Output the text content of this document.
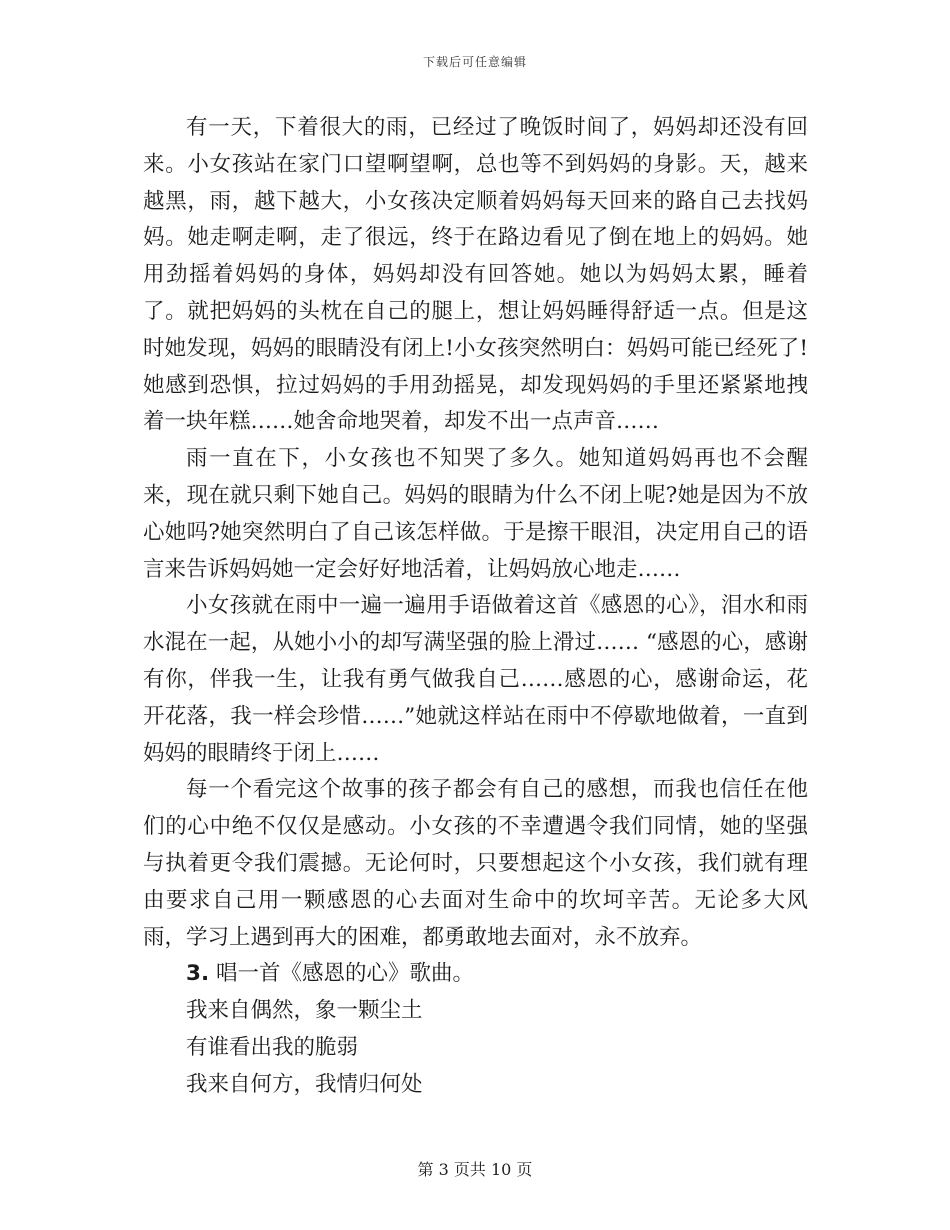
下载后可任意编辑

有一天，下着很大的雨，已经过了晚饭时间了，妈妈却还没有回来。小女孩站在家门口望啊望啊，总也等不到妈妈的身影。天，越来越黑，雨，越下越大，小女孩决定顺着妈妈每天回来的路自己去找妈妈。她走啊走啊，走了很远，终于在路边看见了倒在地上的妈妈。她用劲摇着妈妈的身体，妈妈却没有回答她。她以为妈妈太累，睡着了。就把妈妈的头枕在自己的腿上，想让妈妈睡得舒适一点。但是这时她发现，妈妈的眼睛没有闭上!小女孩突然明白：妈妈可能已经死了!她感到恐惧，拉过妈妈的手用劲摇晃，却发现妈妈的手里还紧紧地拽着一块年糕……她舍命地哭着，却发不出一点声音……

雨一直在下，小女孩也不知哭了多久。她知道妈妈再也不会醒来，现在就只剩下她自己。妈妈的眼睛为什么不闭上呢?她是因为不放心她吗?她突然明白了自己该怎样做。于是擦干眼泪，决定用自己的语言来告诉妈妈她一定会好好地活着，让妈妈放心地走……

小女孩就在雨中一遍一遍用手语做着这首《感恩的心》，泪水和雨水混在一起，从她小小的却写满坚强的脸上滑过…… “感恩的心，感谢有你，伴我一生，让我有勇气做我自己……感恩的心，感谢命运，花开花落，我一样会珍惜……”她就这样站在雨中不停歇地做着，一直到妈妈的眼睛终于闭上……

每一个看完这个故事的孩子都会有自己的感想，而我也信任在他们的心中绝不仅仅是感动。小女孩的不幸遭遇令我们同情，她的坚强与执着更令我们震撼。无论何时，只要想起这个小女孩，我们就有理由要求自己用一颗感恩的心去面对生命中的坎坷辛苦。无论多大风雨，学习上遇到再大的困难，都勇敢地去面对，永不放弃。

3. 唱一首《感恩的心》歌曲。

我来自偶然，象一颗尘土

有谁看出我的脆弱

我来自何方，我情归何处

第 3 页共 10 页
